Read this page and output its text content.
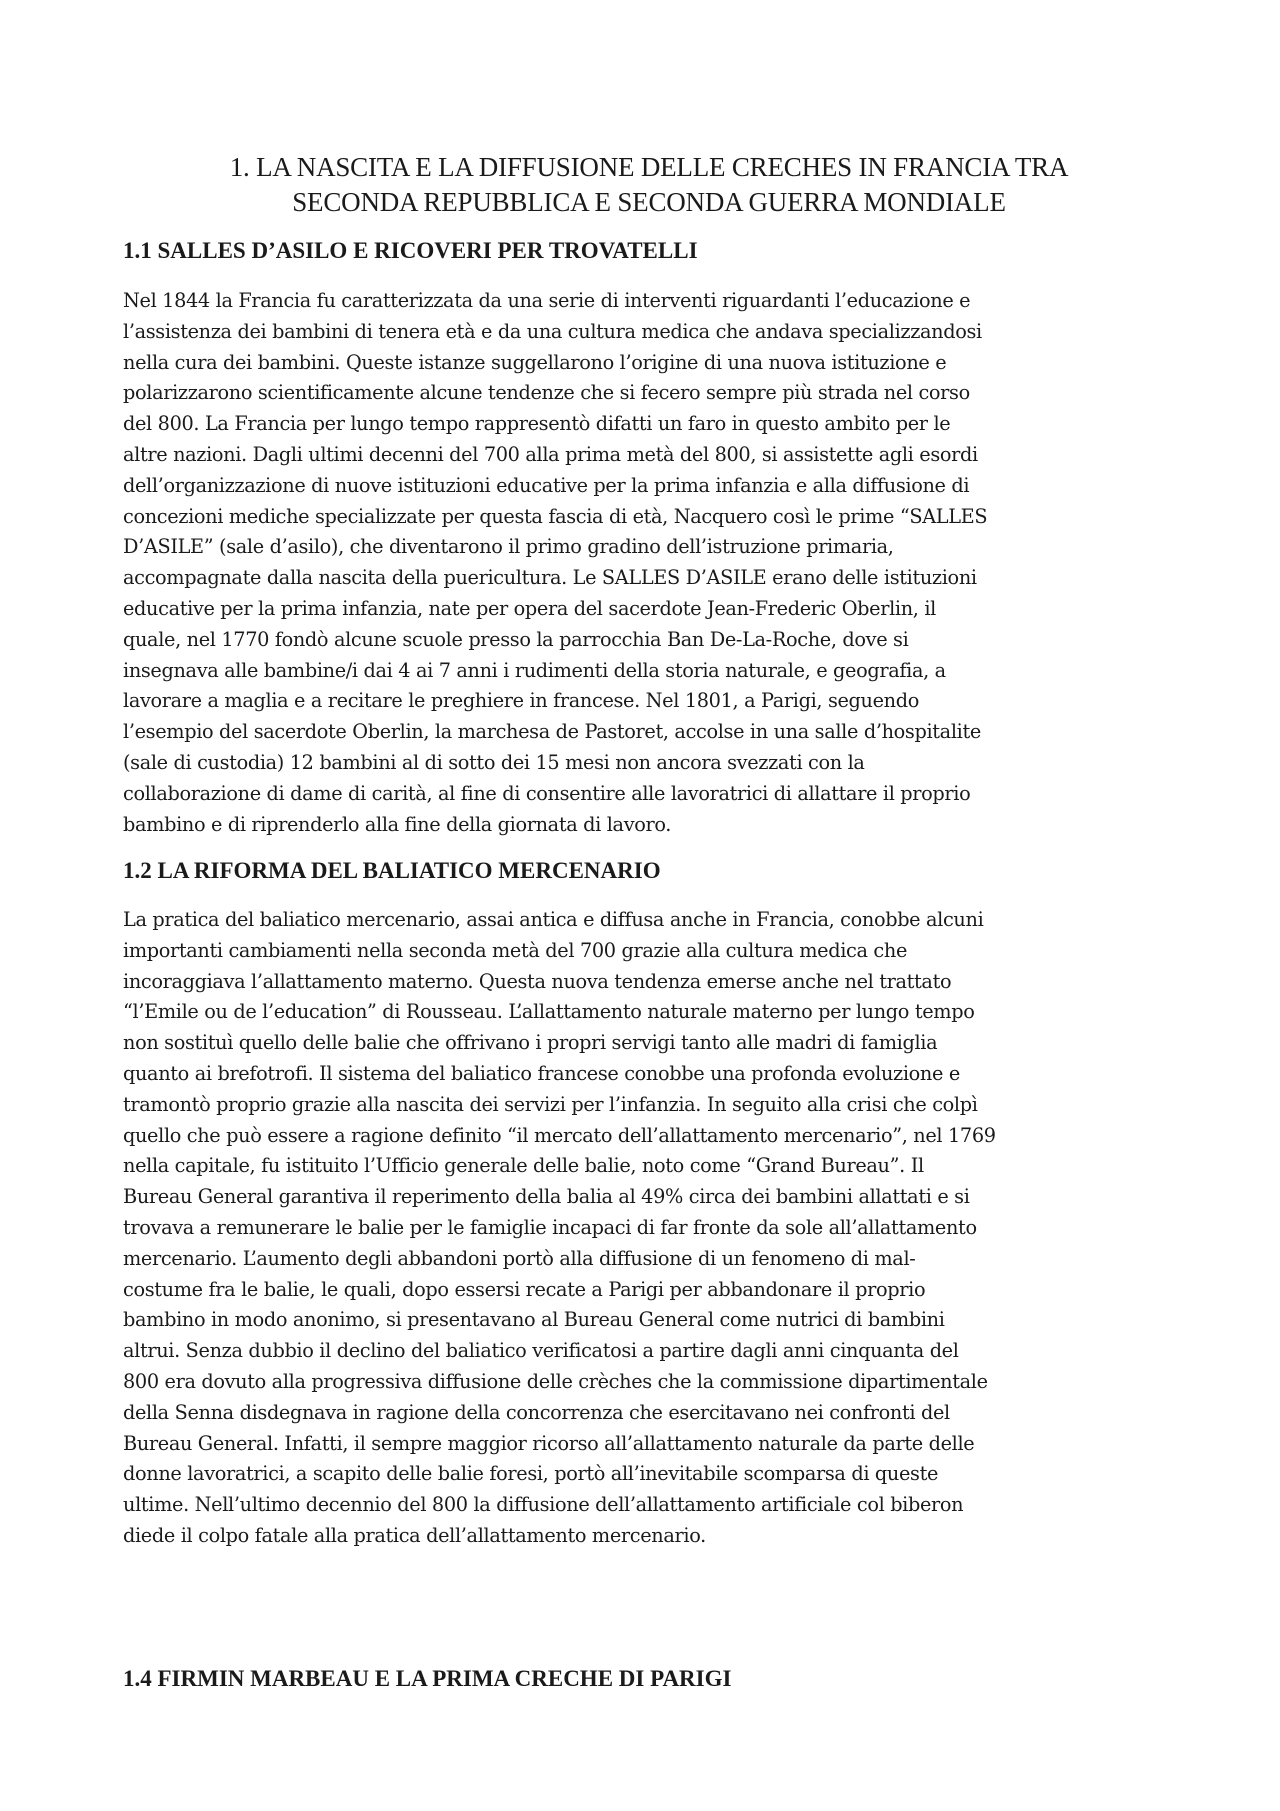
1. LA NASCITA E LA DIFFUSIONE DELLE CRECHES IN FRANCIA TRA
SECONDA REPUBBLICA E SECONDA GUERRA MONDIALE
1.1 SALLES D’ASILO E RICOVERI PER TROVATELLI
Nel 1844 la Francia fu caratterizzata da una serie di interventi riguardanti l’educazione e
l’assistenza dei bambini di tenera età e da una cultura medica che andava specializzandosi
nella cura dei bambini. Queste istanze suggellarono l’origine di una nuova istituzione e
polarizzarono scientificamente alcune tendenze che si fecero sempre più strada nel corso
del 800. La Francia per lungo tempo rappresentò difatti un faro in questo ambito per le
altre nazioni. Dagli ultimi decenni del 700 alla prima metà del 800, si assistette agli esordi
dell’organizzazione di nuove istituzioni educative per la prima infanzia e alla diffusione di
concezioni mediche specializzate per questa fascia di età, Nacquero così le prime “SALLES
D’ASILE” (sale d’asilo), che diventarono il primo gradino dell’istruzione primaria,
accompagnate dalla nascita della puericultura. Le SALLES D’ASILE erano delle istituzioni
educative per la prima infanzia, nate per opera del sacerdote Jean-Frederic Oberlin, il
quale, nel 1770 fondò alcune scuole presso la parrocchia Ban De-La-Roche, dove si
insegnava alle bambine/i dai 4 ai 7 anni i rudimenti della storia naturale, e geografia, a
lavorare a maglia e a recitare le preghiere in francese. Nel 1801, a Parigi, seguendo
l’esempio del sacerdote Oberlin, la marchesa de Pastoret, accolse in una salle d’hospitalite
(sale di custodia) 12 bambini al di sotto dei 15 mesi non ancora svezzati con la
collaborazione di dame di carità, al fine di consentire alle lavoratrici di allattare il proprio
bambino e di riprenderlo alla fine della giornata di lavoro.
1.2 LA RIFORMA DEL BALIATICO MERCENARIO
La pratica del baliatico mercenario, assai antica e diffusa anche in Francia, conobbe alcuni
importanti cambiamenti nella seconda metà del 700 grazie alla cultura medica che
incoraggiava l’allattamento materno. Questa nuova tendenza emerse anche nel trattato
“l’Emile ou de l’education” di Rousseau. L’allattamento naturale materno per lungo tempo
non sostituì quello delle balie che offrivano i propri servigi tanto alle madri di famiglia
quanto ai brefotrofi. Il sistema del baliatico francese conobbe una profonda evoluzione e
tramontò proprio grazie alla nascita dei servizi per l’infanzia. In seguito alla crisi che colpì
quello che può essere a ragione definito “il mercato dell’allattamento mercenario”, nel 1769
nella capitale, fu istituito l’Ufficio generale delle balie, noto come “Grand Bureau”. Il
Bureau General garantiva il reperimento della balia al 49% circa dei bambini allattati e si
trovava a remunerare le balie per le famiglie incapaci di far fronte da sole all’allattamento
mercenario. L’aumento degli abbandoni portò alla diffusione di un fenomeno di mal-
costume fra le balie, le quali, dopo essersi recate a Parigi per abbandonare il proprio
bambino in modo anonimo, si presentavano al Bureau General come nutrici di bambini
altrui. Senza dubbio il declino del baliatico verificatosi a partire dagli anni cinquanta del
800 era dovuto alla progressiva diffusione delle crèches che la commissione dipartimentale
della Senna disdegnava in ragione della concorrenza che esercitavano nei confronti del
Bureau General. Infatti, il sempre maggior ricorso all’allattamento naturale da parte delle
donne lavoratrici, a scapito delle balie foresi, portò all’inevitabile scomparsa di queste
ultime. Nell’ultimo decennio del 800 la diffusione dell’allattamento artificiale col biberon
diede il colpo fatale alla pratica dell’allattamento mercenario.
1.4 FIRMIN MARBEAU E LA PRIMA CRECHE DI PARIGI
